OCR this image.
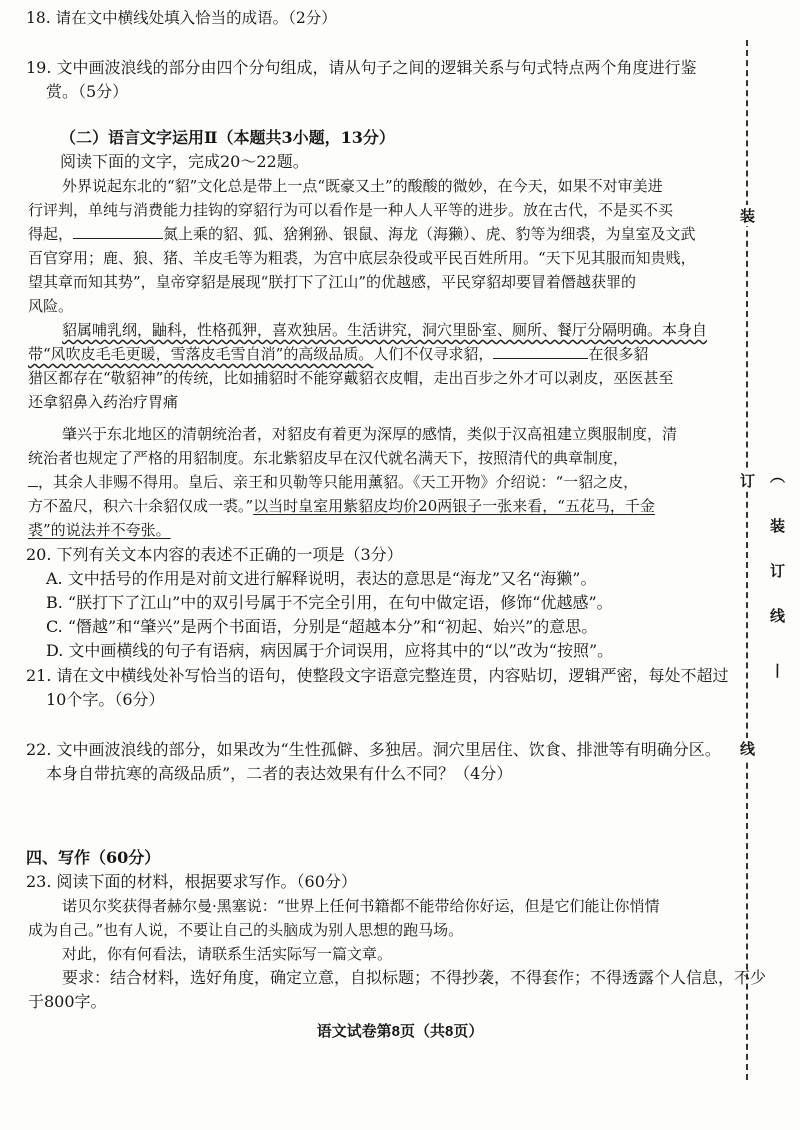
18. 请在文中横线处填入恰当的成语。（2分）
19. 文中画波浪线的部分由四个分句组成，请从句子之间的逻辑关系与句式特点两个角度进行鉴
赏。（5分）
（二）语言文字运用Ⅱ（本题共3小题，13分）
阅读下面的文字，完成20～22题。
外界说起东北的“貂”文化总是带上一点“既豪又土”的酸酸的微妙，在今天，如果不对审美进
行评判，单纯与消费能力挂钩的穿貂行为可以看作是一种人人平等的进步。放在古代，不是买不买
得起，	氮上乘的貂、狐、猞猁狲、银鼠、海龙（海獭）、虎、豹等为细裘，为皇室及文武
百官穿用；鹿、狼、猪、羊皮毛等为粗裘，为宫中底层杂役或平民百姓所用。“天下见其服而知贵贱，
望其章而知其势”，皇帝穿貂是展现“朕打下了江山”的优越感，平民穿貂却要冒着僭越获罪的
风险。
貂属哺乳纲，鼬科，性格孤狎，喜欢独居。生活讲究，洞穴里卧室、厕所、餐厅分隔明确。本身自
带“风吹皮毛毛更暖，雪落皮毛雪自消”的高级品质。人们不仅寻求貂，	在很多貂
猎区都存在“敬貂神”的传统，比如捕貂时不能穿戴貂衣皮帽，走出百步之外才可以剥皮，巫医甚至
还拿貂鼻入药治疗胃痛
肇兴于东北地区的清朝统治者，对貂皮有着更为深厚的感情，类似于汉高祖建立舆服制度，清
统治者也规定了严格的用貂制度。东北紫貂皮早在汉代就名满天下，按照清代的典章制度，
，其余人非赐不得用。皇后、亲王和贝勒等只能用薰貂。《天工开物》介绍说：“一貂之皮，
方不盈尺，积六十余貂仅成一裘。”以当时皇室用紫貂皮均价20两银子一张来看，“五花马，千金
裘”的说法并不夸张。
20. 下列有关文本内容的表述不正确的一项是（3分）
A. 文中括号的作用是对前文进行解释说明，表达的意思是“海龙”又名“海獭”。
B. “朕打下了江山”中的双引号属于不完全引用，在句中做定语，修饰“优越感”。
C. “僭越”和“肇兴”是两个书面语，分别是“超越本分”和“初起、始兴”的意思。
D. 文中画横线的句子有语病，病因属于介词误用，应将其中的“以”改为“按照”。
21. 请在文中横线处补写恰当的语句，使整段文字语意完整连贯，内容贴切，逻辑严密，每处不超过
10个字。（6分）
22. 文中画波浪线的部分，如果改为“生性孤僻、多独居。洞穴里居住、饮食、排泄等有明确分区。
本身自带抗寒的高级品质”，二者的表达效果有什么不同？（4分）
四、写作（60分）
23. 阅读下面的材料，根据要求写作。（60分）
诺贝尔奖获得者赫尔曼·黑塞说：“世界上任何书籍都不能带给你好运，但是它们能让你悄情
成为自己。”也有人说，不要让自己的头脑成为别人思想的跑马场。
对此，你有何看法，请联系生活实际写一篇文章。
要求：结合材料，选好角度，确定立意，自拟标题；不得抄袭，不得套作；不得透露个人信息，不少
于800字。
语文试卷第8页（共8页）
装
订 （
装
订
线
丨
线
